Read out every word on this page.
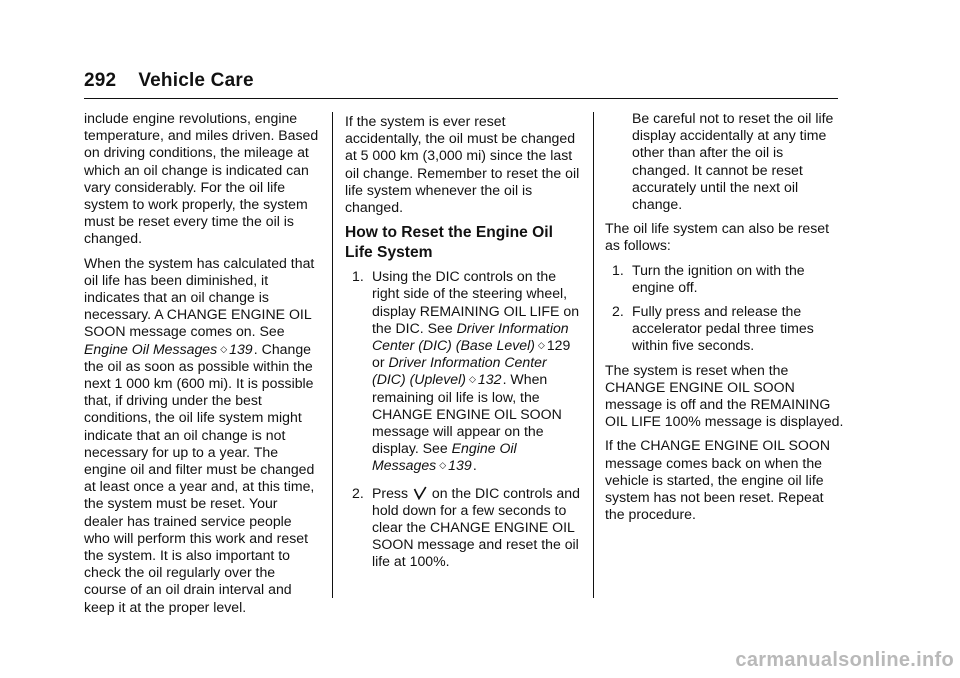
292 Vehicle Care

include engine revolutions, engine temperature, and miles driven. Based on driving conditions, the mileage at which an oil change is indicated can vary considerably. For the oil life system to work properly, the system must be reset every time the oil is changed.

When the system has calculated that oil life has been diminished, it indicates that an oil change is necessary. A CHANGE ENGINE OIL SOON message comes on. See Engine Oil Messages ◇ 139 . Change the oil as soon as possible within the next 1 000 km (600 mi). It is possible that, if driving under the best conditions, the oil life system might indicate that an oil change is not necessary for up to a year. The engine oil and filter must be changed at least once a year and, at this time, the system must be reset. Your dealer has trained service people who will perform this work and reset the system. It is also important to check the oil regularly over the course of an oil drain interval and keep it at the proper level.

If the system is ever reset accidentally, the oil must be changed at 5 000 km (3,000 mi) since the last oil change. Remember to reset the oil life system whenever the oil is changed.

How to Reset the Engine Oil Life System
1. Using the DIC controls on the right side of the steering wheel, display REMAINING OIL LIFE on the DIC. See Driver Information Center (DIC) (Base Level) ◇ 129  or Driver Information Center (DIC) (Uplevel) ◇ 132 . When remaining oil life is low, the CHANGE ENGINE OIL SOON message will appear on the display. See Engine Oil Messages ◇ 139 .
2. Press on the DIC controls and hold down for a few seconds to clear the CHANGE ENGINE OIL SOON message and reset the oil life at 100%.

Be careful not to reset the oil life display accidentally at any time other than after the oil is changed. It cannot be reset accurately until the next oil change.

The oil life system can also be reset as follows:

1. Turn the ignition on with the engine off.
2. Fully press and release the accelerator pedal three times within five seconds.

The system is reset when the CHANGE ENGINE OIL SOON message is off and the REMAINING OIL LIFE 100% message is displayed.

If the CHANGE ENGINE OIL SOON message comes back on when the vehicle is started, the engine oil life system has not been reset. Repeat the procedure.

carmanualsonline.info
